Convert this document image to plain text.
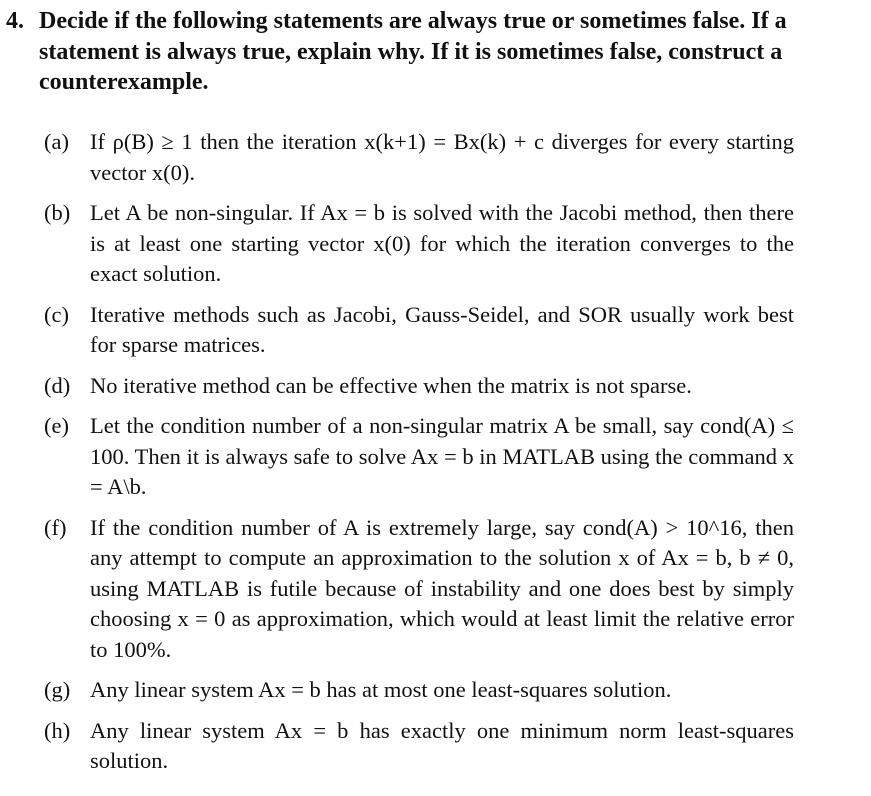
4. Decide if the following statements are always true or sometimes false. If a statement is always true, explain why. If it is sometimes false, construct a counterexample.
(a) If ρ(B) ≥ 1 then the iteration x(k+1) = Bx(k) + c diverges for every starting vector x(0).
(b) Let A be non-singular. If Ax = b is solved with the Jacobi method, then there is at least one starting vector x(0) for which the iteration converges to the exact solution.
(c) Iterative methods such as Jacobi, Gauss-Seidel, and SOR usually work best for sparse matrices.
(d) No iterative method can be effective when the matrix is not sparse.
(e) Let the condition number of a non-singular matrix A be small, say cond(A) ≤ 100. Then it is always safe to solve Ax = b in MATLAB using the command x = A\b.
(f)	If the condition number of A is extremely large, say cond(A) > 10^16, then any attempt to compute an approximation to the solution x of Ax = b, b ≠ 0, using MATLAB is futile because of instability and one does best by simply choosing x = 0 as approximation, which would at least limit the relative error to 100%.
(g) Any linear system Ax = b has at most one least-squares solution.
(h) Any linear system Ax = b has exactly one minimum norm least-squares solution.
